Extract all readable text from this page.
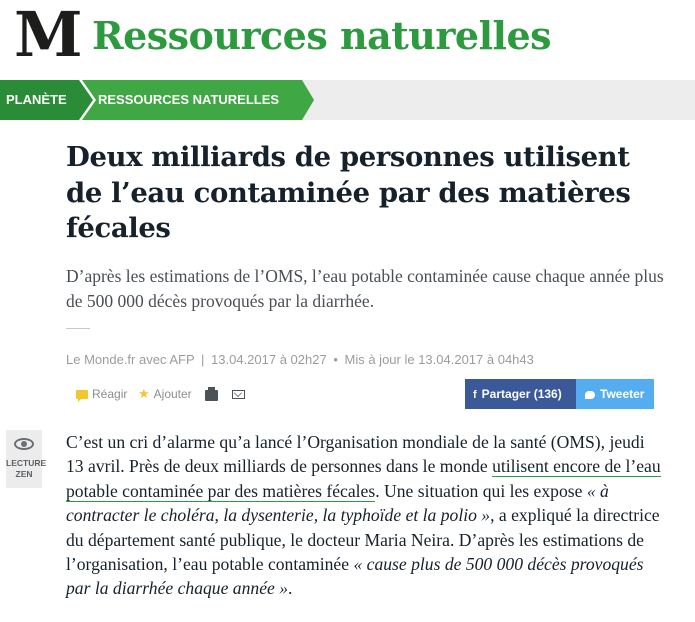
M Ressources naturelles
RESSOURCES NATURELLES
PLANÈTE
Deux milliards de personnes utilisent de l’eau contaminée par des matières fécales

D’après les estimations de l’OMS, l’eau potable contaminée cause chaque année plus de 500 000 décès provoqués par la diarrhée.

Le Monde.fr avec AFP | 13.04.2017 à 02h27 • Mis à jour le 13.04.2017 à 04h43
Réagir ★ Ajouter	f Partager (136)	Tweeter
LECTURE
ZEN
C’est un cri d’alarme qu’a lancé l’Organisation mondiale de la santé (OMS), jeudi 13 avril. Près de deux milliards de personnes dans le monde utilisent encore de l’eau potable contaminée par des matières fécales. Une situation qui les expose « à contracter le choléra, la dysenterie, la typhoïde et la polio », a expliqué la directrice du département santé publique, le docteur Maria Neira. D’après les estimations de l’organisation, l’eau potable contaminée « cause plus de 500 000 décès provoqués par la diarrhée chaque année ».
